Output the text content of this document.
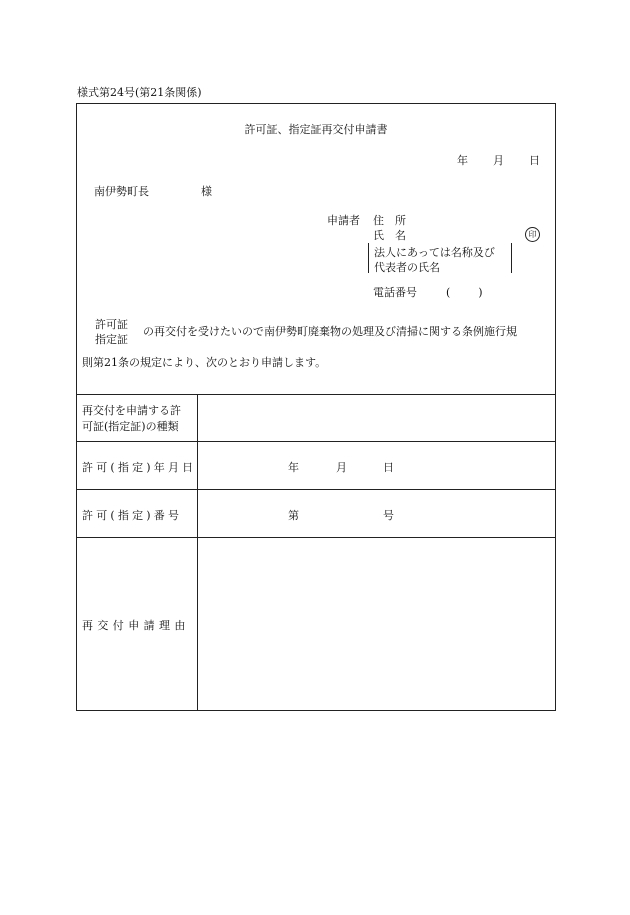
様式第24号(第21条関係)
許可証、指定証再交付申請書
年 月 日
南伊勢町長	様
申請者 住　所
氏　名	印
法人にあっては名称及び
代表者の氏名
電話番号	(　　)
許可証
指定証
の再交付を受けたいので南伊勢町廃棄物の処理及び清掃に関する条例施行規
則第21条の規定により、次のとおり申請します。
再交付を申請する許
可証(指定証)の種類
許可(指定)年月日	年	月	日
許可(指定)番号	第	号
再交付申請理由
